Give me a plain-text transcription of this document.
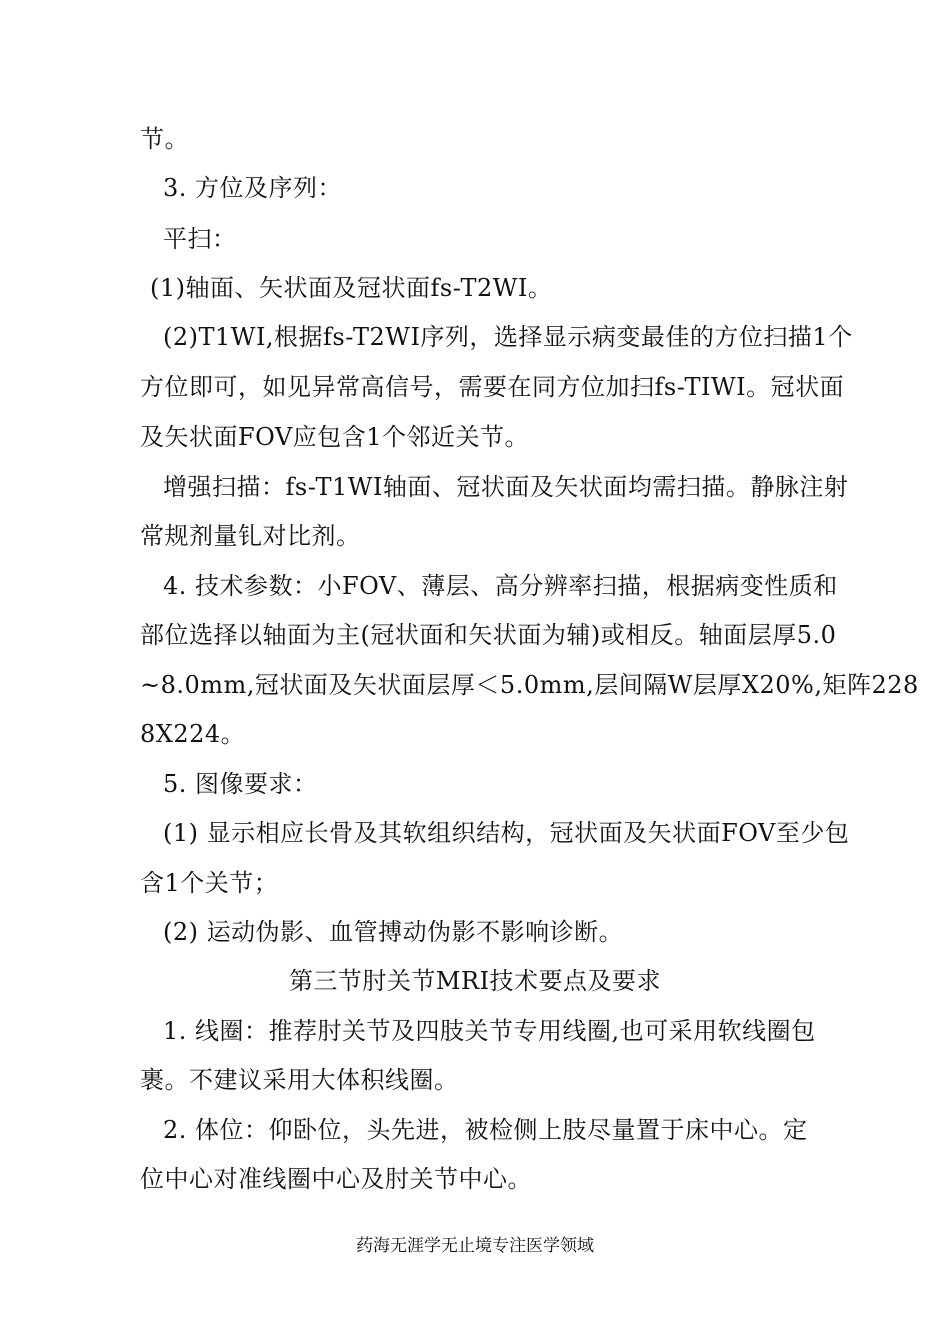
节。
3. 方位及序列：
平扫：
(1)轴面、矢状面及冠状面fs-T2WI。
(2)T1WI,根据fs-T2WI序列，选择显示病变最佳的方位扫描1个
方位即可，如见异常高信号，需要在同方位加扫fs-TIWI。冠状面
及矢状面FOV应包含1个邻近关节。
增强扫描：fs-T1WI轴面、冠状面及矢状面均需扫描。静脉注射
常规剂量钆对比剂。
4. 技术参数：小FOV、薄层、高分辨率扫描，根据病变性质和
部位选择以轴面为主(冠状面和矢状面为辅)或相反。轴面层厚5.0
~8.0mm,冠状面及矢状面层厚＜5.0mm,层间隔W层厚X20%,矩阵228
8X224。
5. 图像要求：
(1) 显示相应长骨及其软组织结构，冠状面及矢状面FOV至少包
含1个关节；
(2) 运动伪影、血管搏动伪影不影响诊断。
第三节肘关节MRI技术要点及要求
1. 线圈：推荐肘关节及四肢关节专用线圈,也可采用软线圈包
裹。不建议采用大体积线圈。
2. 体位：仰卧位，头先进，被检侧上肢尽量置于床中心。定
位中心对准线圈中心及肘关节中心。
药海无涯学无止境专注医学领域
